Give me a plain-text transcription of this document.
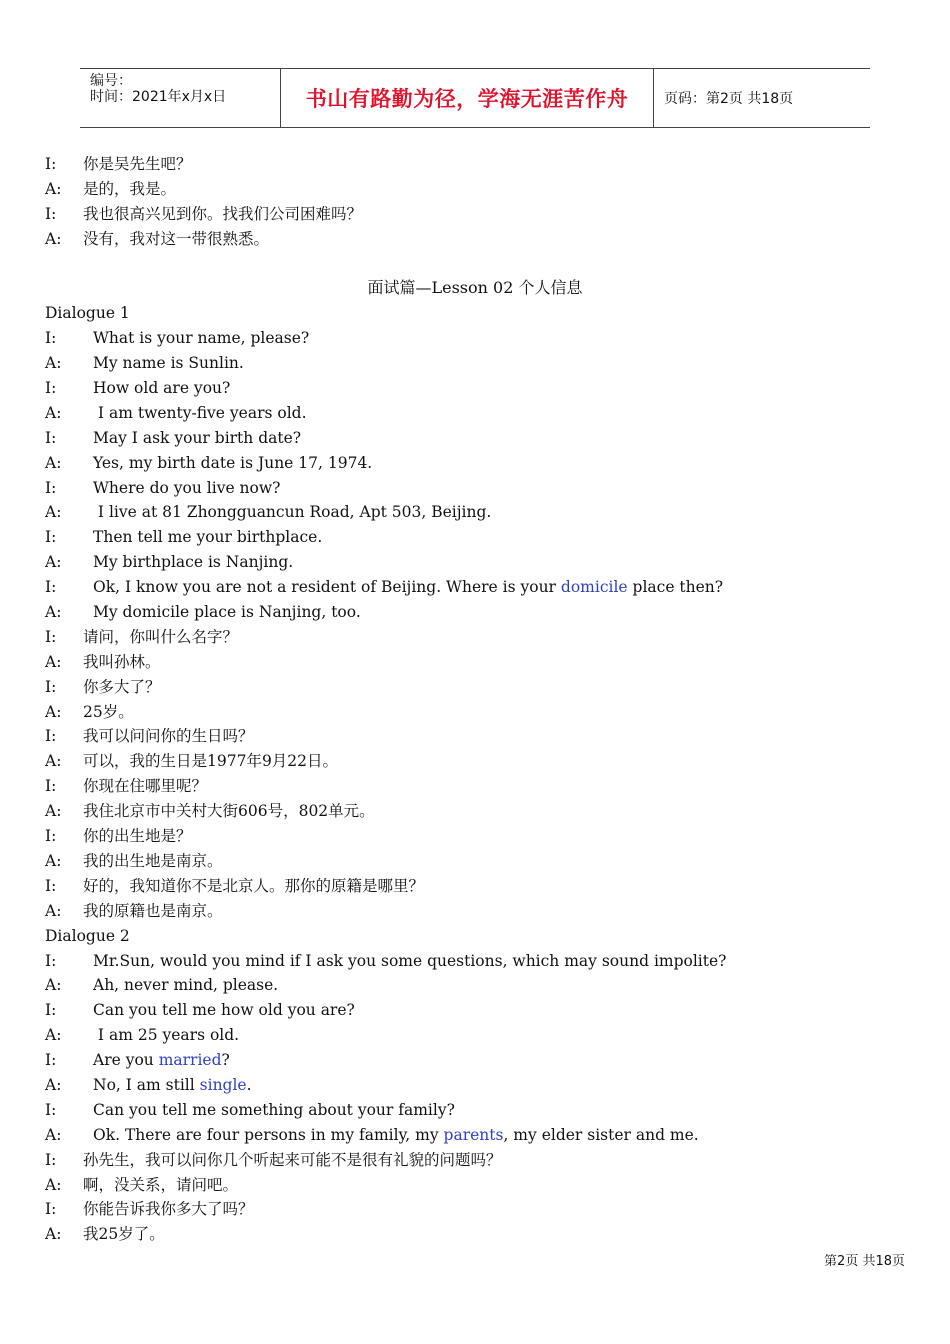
编号：
时间：2021年x月x日	书山有路勤为径，学海无涯苦作舟	页码：第2页 共18页
I: 你是吴先生吧？
A: 是的，我是。
I: 我也很高兴见到你。找我们公司困难吗？
A: 没有，我对这一带很熟悉。
面试篇—Lesson 02 个人信息
Dialogue 1
I: What is your name, please?
A: My name is Sunlin.
I: How old are you?
A: I am twenty-five years old.
I: May I ask your birth date?
A: Yes, my birth date is June 17, 1974.
I: Where do you live now?
A: I live at 81 Zhongguancun Road, Apt 503, Beijing.
I: Then tell me your birthplace.
A: My birthplace is Nanjing.
I: Ok, I know you are not a resident of Beijing. Where is your domicile place then?
A: My domicile place is Nanjing, too.
I: 请问，你叫什么名字？
A: 我叫孙林。
I: 你多大了？
A: 25岁。
I: 我可以问问你的生日吗？
A: 可以，我的生日是1977年9月22日。
I: 你现在住哪里呢？
A: 我住北京市中关村大街606号，802单元。
I: 你的出生地是？
A: 我的出生地是南京。
I: 好的，我知道你不是北京人。那你的原籍是哪里？
A: 我的原籍也是南京。
Dialogue 2
I: Mr.Sun, would you mind if I ask you some questions, which may sound impolite?
A: Ah, never mind, please.
I: Can you tell me how old you are?
A: I am 25 years old.
I: Are you married?
A: No, I am still single.
I: Can you tell me something about your family?
A: Ok. There are four persons in my family, my parents, my elder sister and me.
I: 孙先生，我可以问你几个听起来可能不是很有礼貌的问题吗？
A: 啊，没关系，请问吧。
I: 你能告诉我你多大了吗？
A: 我25岁了。
第2页 共18页
